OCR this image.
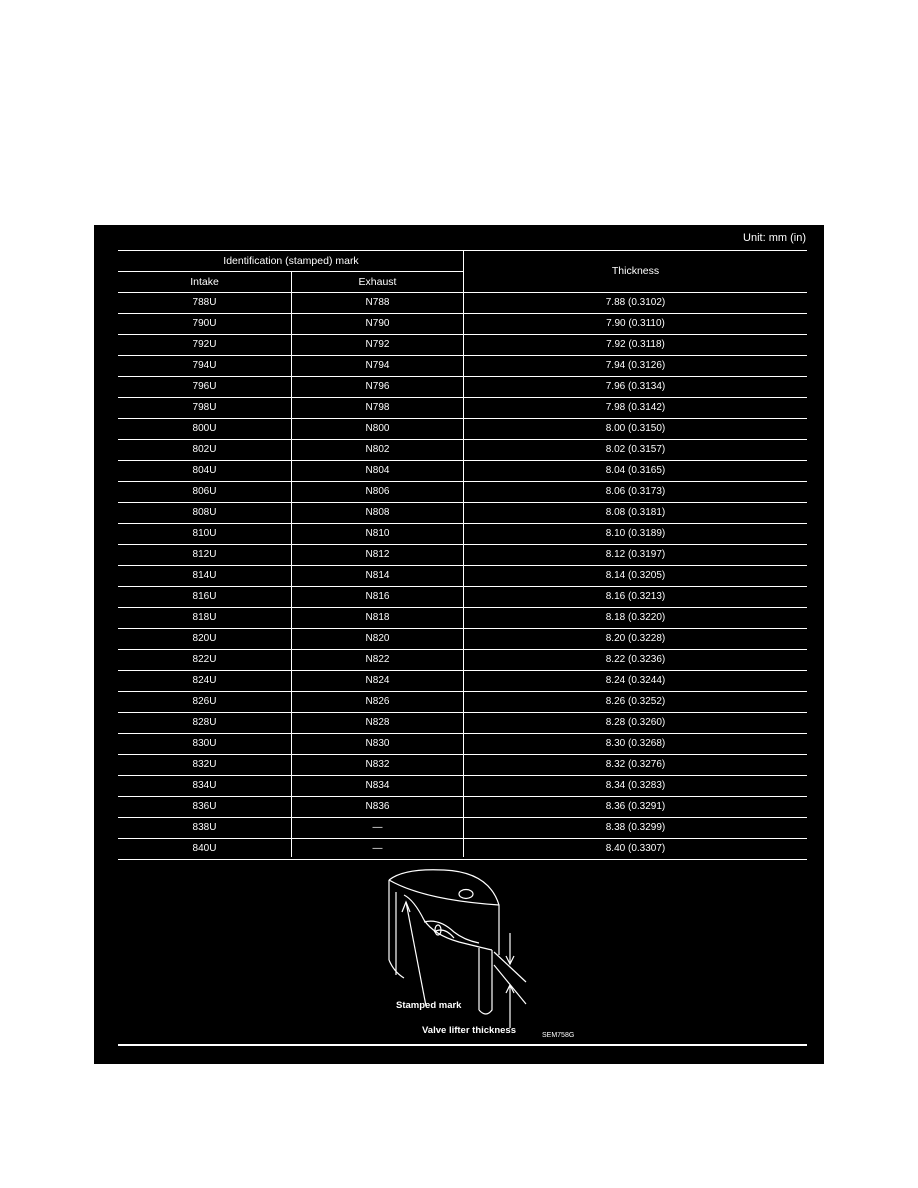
Unit: mm (in)
Identification (stamped) mark
Intake	Exhaust
Thickness
788U	N788	7.88 (0.3102)
790U	N790	7.90 (0.3110)
792U	N792	7.92 (0.3118)
794U	N794	7.94 (0.3126)
796U	N796	7.96 (0.3134)
798U	N798	7.98 (0.3142)
800U	N800	8.00 (0.3150)
802U	N802	8.02 (0.3157)
804U	N804	8.04 (0.3165)
806U	N806	8.06 (0.3173)
808U	N808	8.08 (0.3181)
810U	N810	8.10 (0.3189)
812U	N812	8.12 (0.3197)
814U	N814	8.14 (0.3205)
816U	N816	8.16 (0.3213)
818U	N818	8.18 (0.3220)
820U	N820	8.20 (0.3228)
822U	N822	8.22 (0.3236)
824U	N824	8.24 (0.3244)
826U	N826	8.26 (0.3252)
828U	N828	8.28 (0.3260)
830U	N830	8.30 (0.3268)
832U	N832	8.32 (0.3276)
834U	N834	8.34 (0.3283)
836U	N836	8.36 (0.3291)
838U	—	8.38 (0.3299)
840U	—	8.40 (0.3307)
Stamped mark
Valve lifter thickness	SEM758G
